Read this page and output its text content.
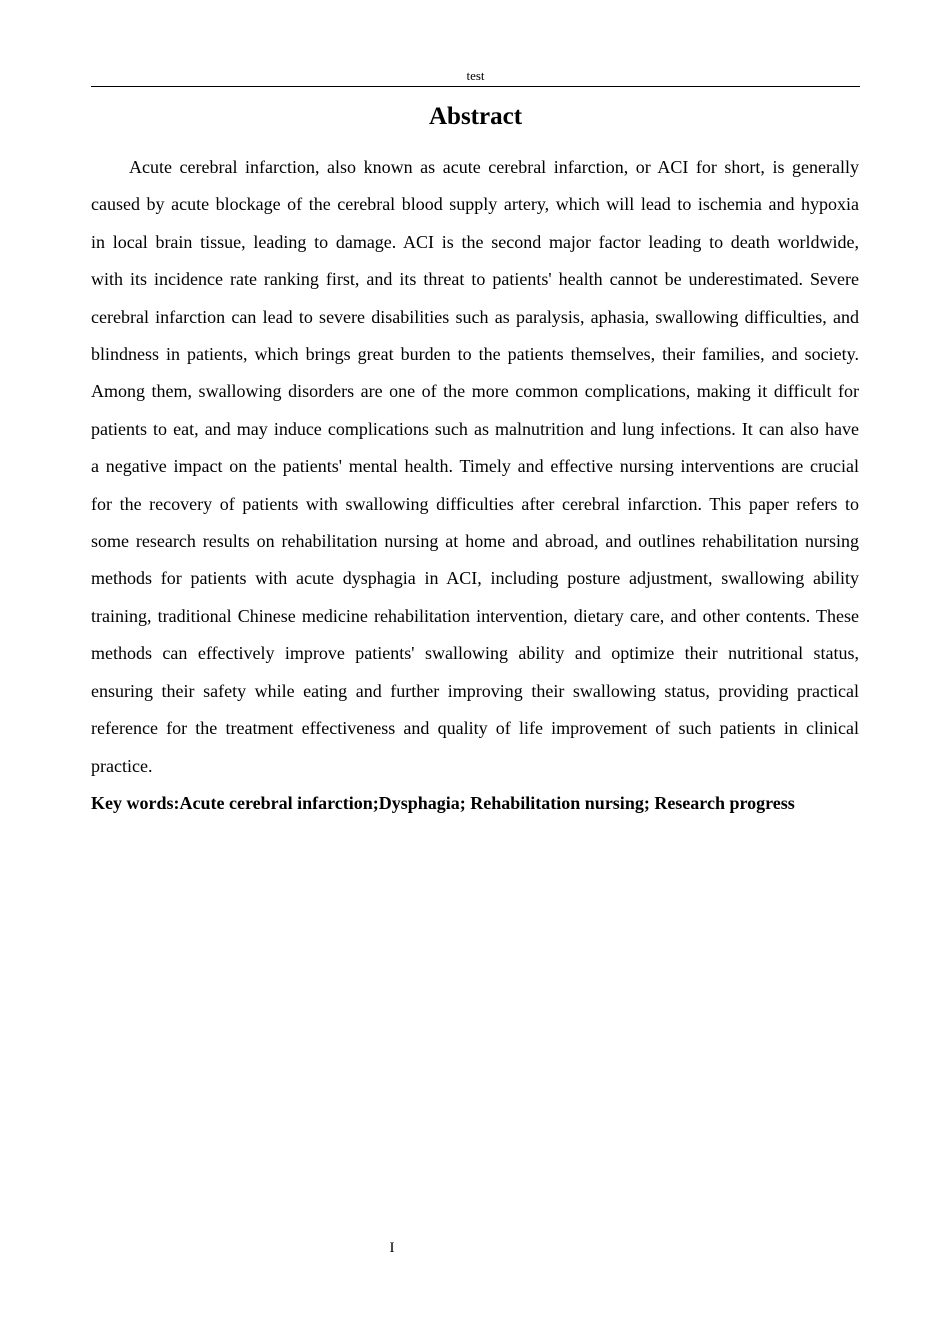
test
Abstract

Acute cerebral infarction, also known as acute cerebral infarction, or ACI for short, is generally caused by acute blockage of the cerebral blood supply artery, which will lead to ischemia and hypoxia in local brain tissue, leading to damage. ACI is the second major factor leading to death worldwide, with its incidence rate ranking first, and its threat to patients' health cannot be underestimated. Severe cerebral infarction can lead to severe disabilities such as paralysis, aphasia, swallowing difficulties, and blindness in patients, which brings great burden to the patients themselves, their families, and society. Among them, swallowing disorders are one of the more common complications, making it difficult for patients to eat, and may induce complications such as malnutrition and lung infections. It can also have a negative impact on the patients' mental health. Timely and effective nursing interventions are crucial for the recovery of patients with swallowing difficulties after cerebral infarction. This paper refers to some research results on rehabilitation nursing at home and abroad, and outlines rehabilitation nursing methods for patients with acute dysphagia in ACI, including posture adjustment, swallowing ability training, traditional Chinese medicine rehabilitation intervention, dietary care, and other contents. These methods can effectively improve patients' swallowing ability and optimize their nutritional status, ensuring their safety while eating and further improving their swallowing status, providing practical reference for the treatment effectiveness and quality of life improvement of such patients in clinical practice.

Key words:Acute cerebral infarction;Dysphagia; Rehabilitation nursing; Research progress

I
